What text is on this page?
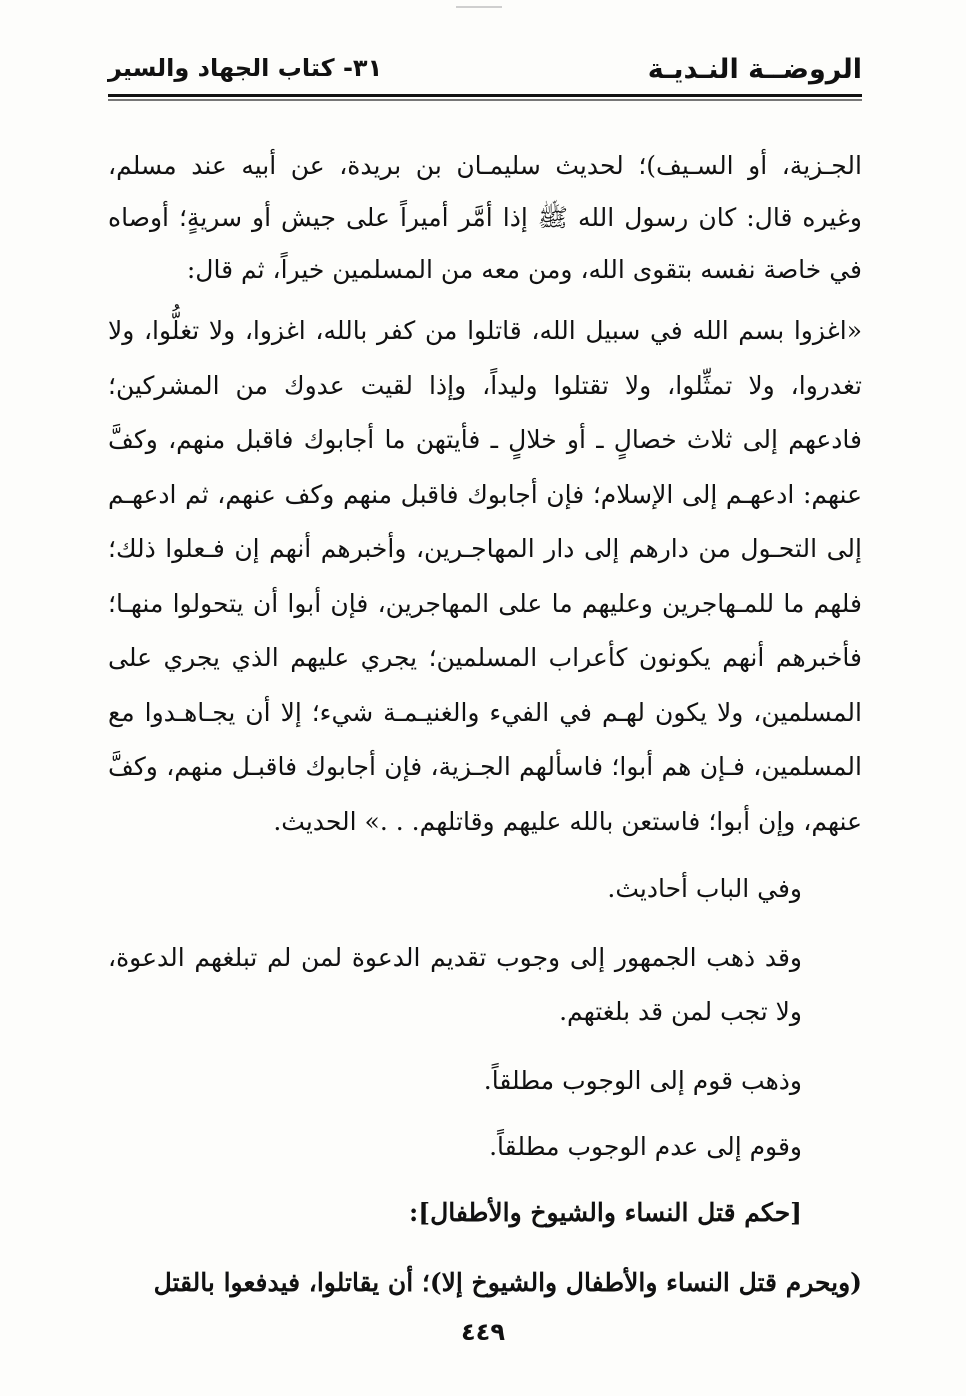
الروضــة النـديـة
٣١- كتاب الجهاد والسير

الجـزية، أو السـيف)؛ لحديث سليمـان بن بريدة، عن أبيه عند مسلم، وغيره قال: كان رسول الله ﷺ إذا أمَّر أميراً على جيش أو سريةٍ؛ أوصاه في خاصة نفسه بتقوى الله، ومن معه من المسلمين خيراً، ثم قال:

«اغزوا بسم الله في سبيل الله، قاتلوا من كفر بالله، اغزوا، ولا تغلُّوا، ولا تغدروا، ولا تمثِّلوا، ولا تقتلوا وليداً، وإذا لقيت عدوك من المشركين؛ فادعهم إلى ثلاث خصالٍ ـ أو خلالٍ ـ فأيتهن ما أجابوك فاقبل منهم، وكفَّ عنهم: ادعهـم إلى الإسلام؛ فإن أجابوك فاقبل منهم وكف عنهم، ثم ادعهـم إلى التحـول من دارهم إلى دار المهاجـرين، وأخبرهم أنهم إن فـعلوا ذلك؛ فلهم ما للمـهاجرين وعليهم ما على المهاجرين، فإن أبوا أن يتحولوا منهـا؛ فأخبرهم أنهم يكونون كأعراب المسلمين؛ يجري عليهم الذي يجري على المسلمين، ولا يكون لهـم في الفيء والغنيـمـة شيء؛ إلا أن يجـاهـدوا مع المسلمين، فـإن هم أبوا؛ فاسألهم الجـزية، فإن أجابوك فاقبـل منهم، وكفَّ عنهم، وإن أبوا؛ فاستعن بالله عليهم وقاتلهم. . .» الحديث.

وفي الباب أحاديث.

وقد ذهب الجمهور إلى وجوب تقديم الدعوة لمن لم تبلغهم الدعوة، ولا تجب لمن قد بلغتهم.

وذهب قوم إلى الوجوب مطلقاً.

وقوم إلى عدم الوجوب مطلقاً.

[حكم قتل النساء والشيوخ والأطفال]:

(ويحرم قتل النساء والأطفال والشيوخ إلا)؛ أن يقاتلوا، فيدفعوا بالقتل

٤٤٩
